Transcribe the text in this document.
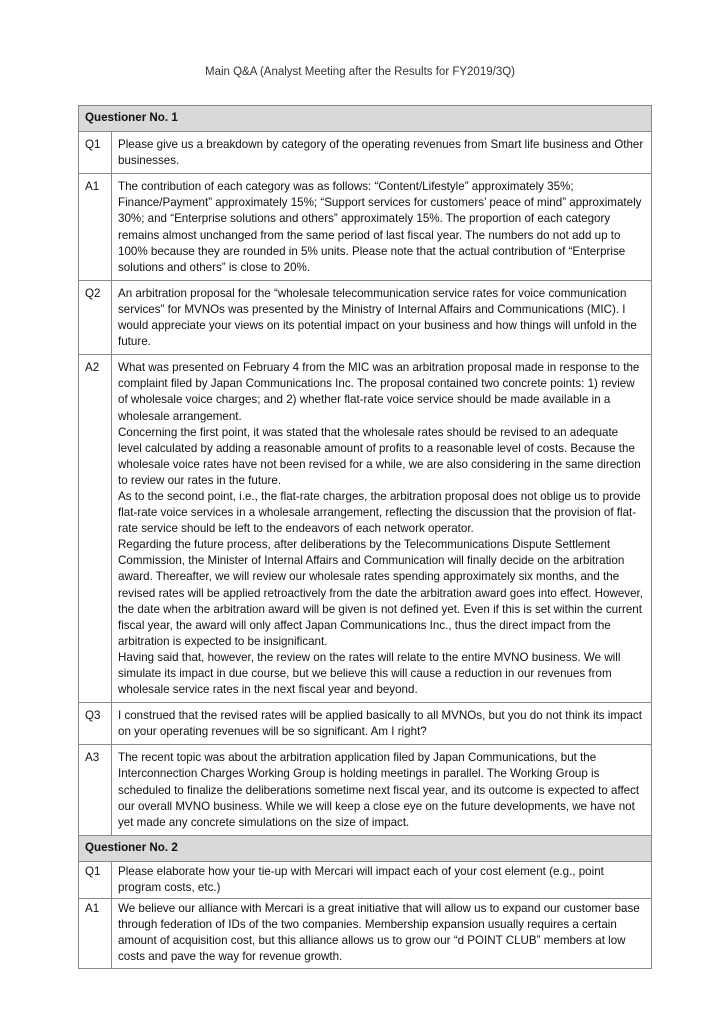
Main Q&A (Analyst Meeting after the Results for FY2019/3Q)
Questioner No. 1	
Q1	Please give us a breakdown by category of the operating revenues from Smart life business and Other businesses.

A1	The contribution of each category was as follows: “Content/Lifestyle” approximately 35%; Finance/Payment” approximately 15%; “Support services for customers’ peace of mind” approximately 30%; and “Enterprise solutions and others” approximately 15%. The proportion of each category remains almost unchanged from the same period of last fiscal year. The numbers do not add up to 100% because they are rounded in 5% units. Please note that the actual contribution of “Enterprise solutions and others” is close to 20%.

Q2	An arbitration proposal for the “wholesale telecommunication service rates for voice communication services” for MVNOs was presented by the Ministry of Internal Affairs and Communications (MIC). I would appreciate your views on its potential impact on your business and how things will unfold in the future.

A2	What was presented on February 4 from the MIC was an arbitration proposal made in response to the complaint filed by Japan Communications Inc. The proposal contained two concrete points: 1) review of wholesale voice charges; and 2) whether flat-rate voice service should be made available in a wholesale arrangement.
Concerning the first point, it was stated that the wholesale rates should be revised to an adequate level calculated by adding a reasonable amount of profits to a reasonable level of costs. Because the wholesale voice rates have not been revised for a while, we are also considering in the same direction to review our rates in the future.
As to the second point, i.e., the flat-rate charges, the arbitration proposal does not oblige us to provide flat-rate voice services in a wholesale arrangement, reflecting the discussion that the provision of flat-rate service should be left to the endeavors of each network operator.
Regarding the future process, after deliberations by the Telecommunications Dispute Settlement Commission, the Minister of Internal Affairs and Communication will finally decide on the arbitration award. Thereafter, we will review our wholesale rates spending approximately six months, and the revised rates will be applied retroactively from the date the arbitration award goes into effect. However, the date when the arbitration award will be given is not defined yet. Even if this is set within the current fiscal year, the award will only affect Japan Communications Inc., thus the direct impact from the arbitration is expected to be insignificant.
Having said that, however, the review on the rates will relate to the entire MVNO business. We will simulate its impact in due course, but we believe this will cause a reduction in our revenues from wholesale service rates in the next fiscal year and beyond.

Q3	I construed that the revised rates will be applied basically to all MVNOs, but you do not think its impact on your operating revenues will be so significant. Am I right?

A3	The recent topic was about the arbitration application filed by Japan Communications, but the Interconnection Charges Working Group is holding meetings in parallel. The Working Group is scheduled to finalize the deliberations sometime next fiscal year, and its outcome is expected to affect our overall MVNO business. While we will keep a close eye on the future developments, we have not yet made any concrete simulations on the size of impact.

Questioner No. 2	
Q1	Please elaborate how your tie-up with Mercari will impact each of your cost element (e.g., point program costs, etc.)

A1	We believe our alliance with Mercari is a great initiative that will allow us to expand our customer base through federation of IDs of the two companies. Membership expansion usually requires a certain amount of acquisition cost, but this alliance allows us to grow our “d POINT CLUB” members at low costs and pave the way for revenue growth.
